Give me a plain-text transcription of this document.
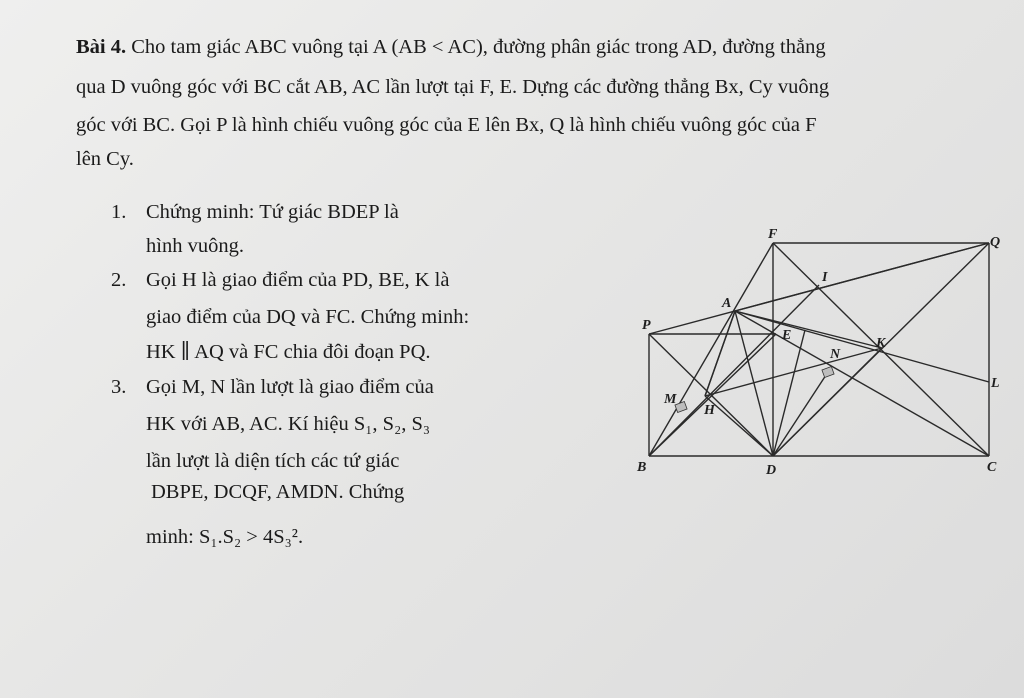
Bài 4. Cho tam giác ABC vuông tại A (AB < AC), đường phân giác trong AD, đường thẳng
qua D vuông góc với BC cắt AB, AC lần lượt tại F, E. Dựng các đường thẳng Bx, Cy vuông
góc với BC. Gọi P là hình chiếu vuông góc của E lên Bx, Q là hình chiếu vuông góc của F
lên Cy.
1. Chứng minh: Tứ giác BDEP là
hình vuông.
2. Gọi H là giao điểm của PD, BE, K là
giao điểm của DQ và FC. Chứng minh:
HK ∥ AQ và FC chia đôi đoạn PQ.
3. Gọi M, N lần lượt là giao điểm của
HK với AB, AC. Kí hiệu S₁, S₂, S₃
lần lượt là diện tích các tứ giác
DBPE, DCQF, AMDN. Chứng
minh: S₁.S₂ > 4S₃².
F
Q
I
A
P
E
K
N
L
M
H
B	D	C
